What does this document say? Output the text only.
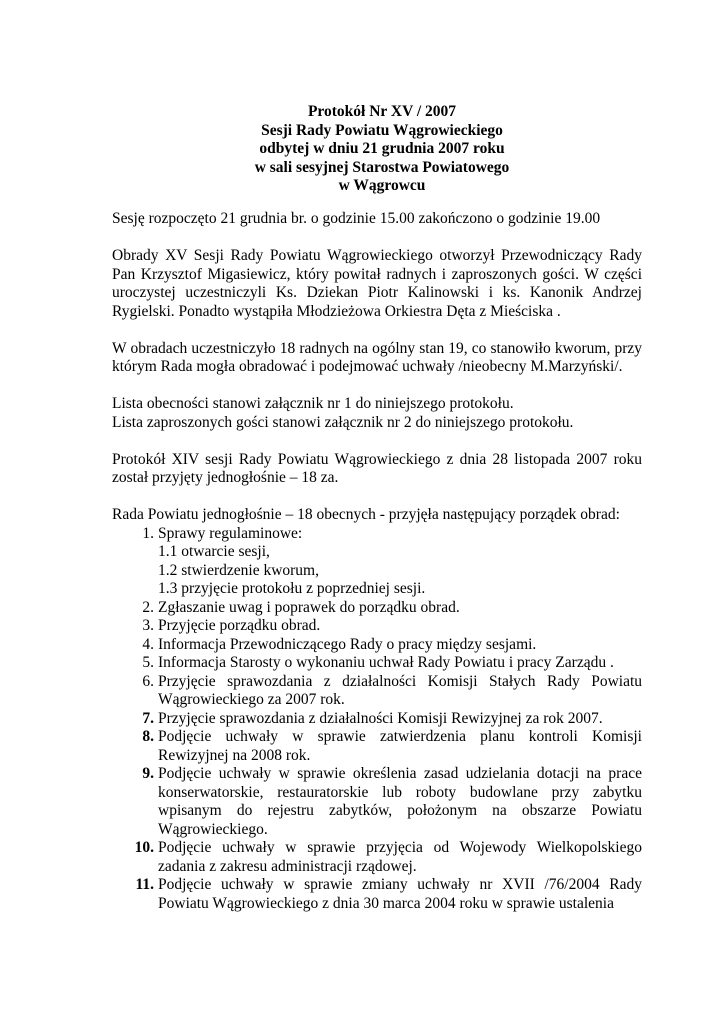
Protokół Nr XV / 2007
Sesji Rady Powiatu Wągrowieckiego
odbytej w dniu 21 grudnia 2007 roku
w sali sesyjnej Starostwa Powiatowego
w Wągrowcu

Sesję rozpoczęto 21 grudnia br. o godzinie 15.00 zakończono o godzinie 19.00

Obrady XV Sesji Rady Powiatu Wągrowieckiego otworzył Przewodniczący Rady Pan Krzysztof Migasiewicz, który powitał radnych i zaproszonych gości. W części uroczystej uczestniczyli Ks. Dziekan Piotr Kalinowski i ks. Kanonik Andrzej Rygielski. Ponadto wystąpiła Młodzieżowa Orkiestra Dęta z Mieściska .

W obradach uczestniczyło 18 radnych na ogólny stan 19, co stanowiło kworum, przy którym Rada mogła obradować i podejmować uchwały /nieobecny M.Marzyński/.

Lista obecności stanowi załącznik nr 1 do niniejszego protokołu.

Lista zaproszonych gości stanowi załącznik nr 2 do niniejszego protokołu.

Protokół XIV sesji Rady Powiatu Wągrowieckiego z dnia 28 listopada 2007 roku został przyjęty jednogłośnie – 18 za.

Rada Powiatu jednogłośnie – 18 obecnych - przyjęła następujący porządek obrad:

1. Sprawy regulaminowe:
1.1 otwarcie sesji,
1.2 stwierdzenie kworum,
1.3 przyjęcie protokołu z poprzedniej sesji.
2. Zgłaszanie uwag i poprawek do porządku obrad.
3. Przyjęcie porządku obrad.
4. Informacja Przewodniczącego Rady o pracy między sesjami.
5. Informacja Starosty o wykonaniu uchwał Rady Powiatu i pracy Zarządu .
6. Przyjęcie sprawozdania z działalności Komisji Stałych Rady Powiatu Wągrowieckiego za 2007 rok.
7. Przyjęcie sprawozdania z działalności Komisji Rewizyjnej za rok 2007.
8. Podjęcie uchwały w sprawie zatwierdzenia planu kontroli Komisji Rewizyjnej na 2008 rok.
9. Podjęcie uchwały w sprawie określenia zasad udzielania dotacji na prace konserwatorskie, restauratorskie lub roboty budowlane przy zabytku wpisanym do rejestru zabytków, położonym na obszarze Powiatu Wągrowieckiego.
10. Podjęcie uchwały w sprawie przyjęcia od Wojewody Wielkopolskiego zadania z zakresu administracji rządowej.
11. Podjęcie uchwały w sprawie zmiany uchwały nr XVII /76/2004 Rady Powiatu Wągrowieckiego z dnia 30 marca 2004 roku w sprawie ustalenia
